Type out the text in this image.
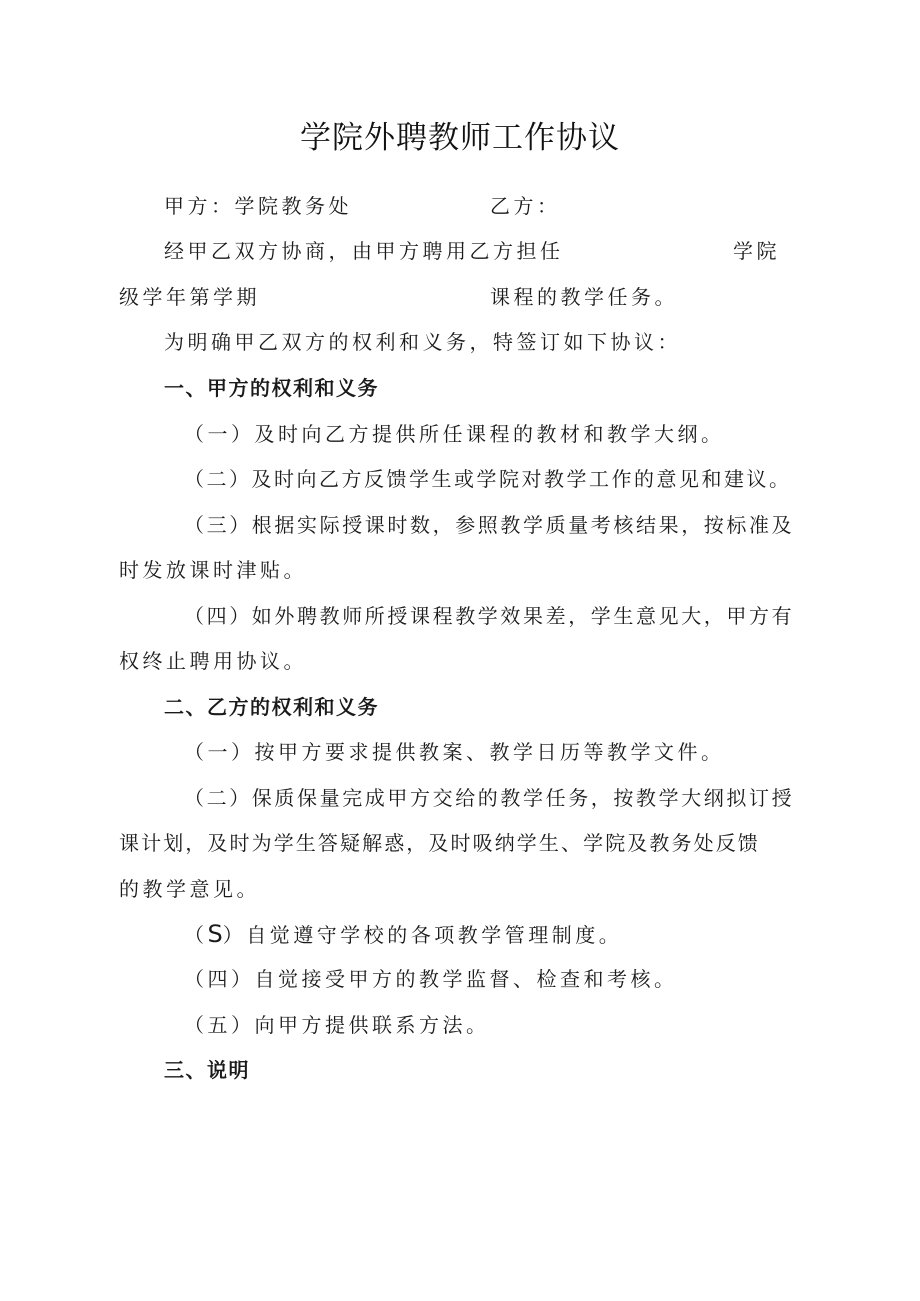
学院外聘教师工作协议
甲方：学院教务处	乙方：
经甲乙双方协商，由甲方聘用乙方担任	学院
级学年第学期	课程的教学任务。
为明确甲乙双方的权利和义务，特签订如下协议：
一、甲方的权利和义务
（一）及时向乙方提供所任课程的教材和教学大纲。
（二）及时向乙方反馈学生或学院对教学工作的意见和建议。
（三）根据实际授课时数，参照教学质量考核结果，按标准及
时发放课时津贴。
（四）如外聘教师所授课程教学效果差，学生意见大，甲方有
权终止聘用协议。
二、乙方的权利和义务
（一）按甲方要求提供教案、教学日历等教学文件。
（二）保质保量完成甲方交给的教学任务，按教学大纲拟订授
课计划，及时为学生答疑解惑，及时吸纳学生、学院及教务处反馈
的教学意见。
（S）自觉遵守学校的各项教学管理制度。
（四）自觉接受甲方的教学监督、检查和考核。
（五）向甲方提供联系方法。
三、说明
